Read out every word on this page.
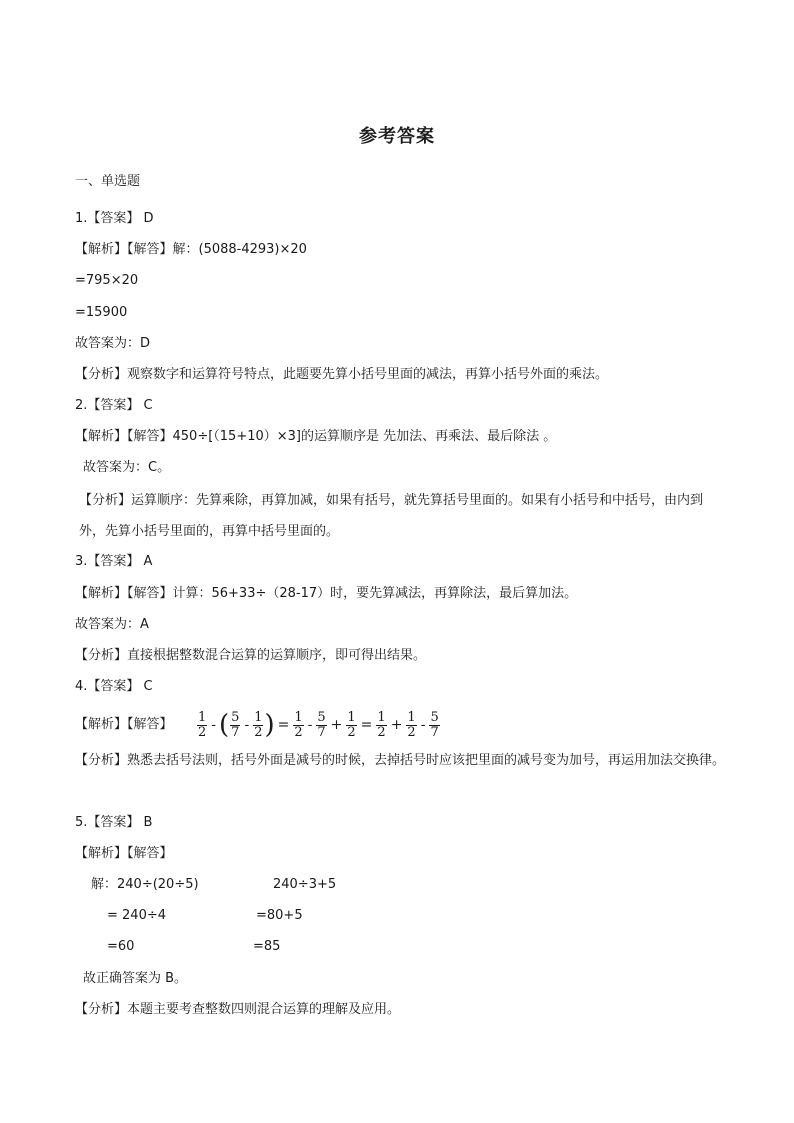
参考答案
一、单选题
1.【答案】 D
【解析】【解答】解：(5088-4293)×20
=795×20
=15900
故答案为：D
【分析】观察数字和运算符号特点，此题要先算小括号里面的减法，再算小括号外面的乘法。
2.【答案】 C
【解析】【解答】450÷[（15+10）×3]的运算顺序是 先加法、再乘法、最后除法 。
故答案为：C。
【分析】运算顺序：先算乘除，再算加减，如果有括号，就先算括号里面的。如果有小括号和中括号，由内到外，先算小括号里面的，再算中括号里面的。
3.【答案】 A
【解析】【解答】计算：56+33÷（28-17）时，要先算减法，再算除法，最后算加法。
故答案为：A
【分析】直接根据整数混合运算的运算顺序，即可得出结果。
4.【答案】 C
【解析】【解答】 $\frac{1}{2}$ - ( $\frac{5}{7} - \frac{1}{2}$ ) = $\frac{1}{2} - \frac{5}{7} + \frac{1}{2} = \frac{1}{2} + \frac{1}{2} - \frac{5}{7}$
【分析】熟悉去括号法则，括号外面是减号的时候，去掉括号时应该把里面的减号变为加号，再运用加法交换律。
5.【答案】 B
【解析】【解答】
解：240÷(20÷5)
= 240÷4
=60
240÷3+5
=80+5
=85
故正确答案为 B。
【分析】本题主要考查整数四则混合运算的理解及应用。
